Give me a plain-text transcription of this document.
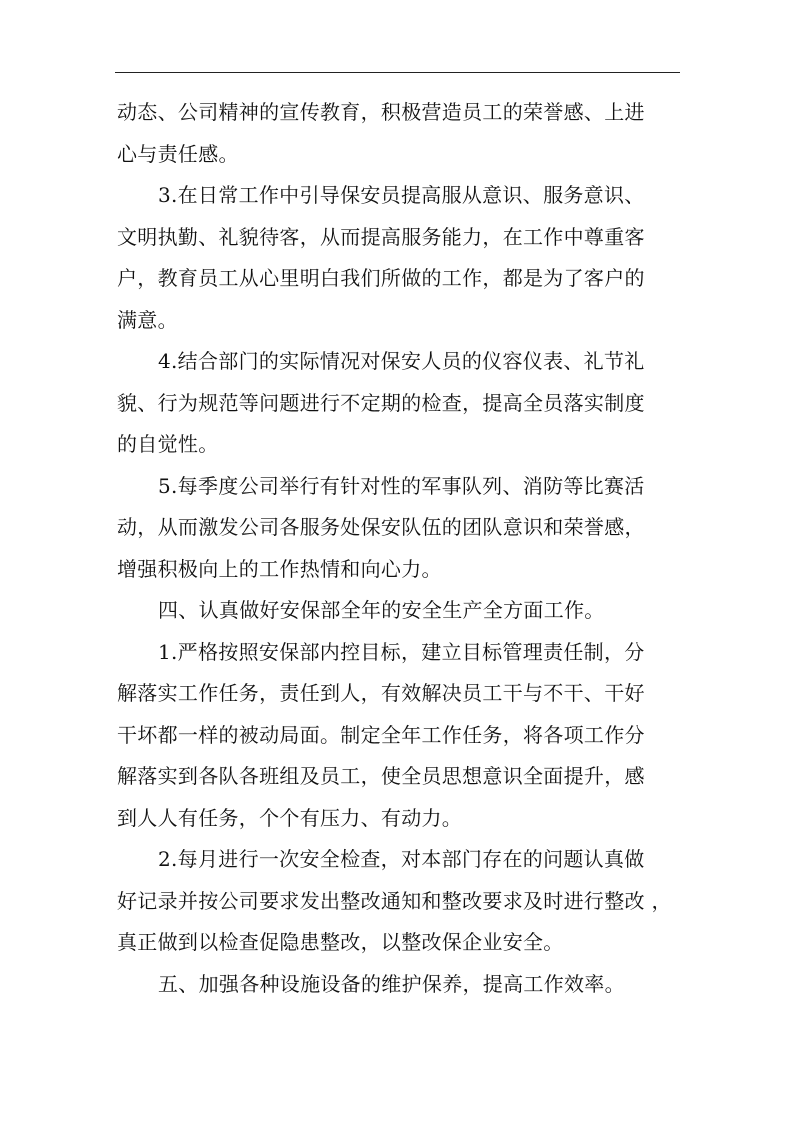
动态、公司精神的宣传教育，积极营造员工的荣誉感、上进
心与责任感。
3.在日常工作中引导保安员提高服从意识、服务意识、
文明执勤、礼貌待客，从而提高服务能力，在工作中尊重客
户，教育员工从心里明白我们所做的工作，都是为了客户的
满意。
4.结合部门的实际情况对保安人员的仪容仪表、礼节礼
貌、行为规范等问题进行不定期的检查，提高全员落实制度
的自觉性。
5.每季度公司举行有针对性的军事队列、消防等比赛活
动，从而激发公司各服务处保安队伍的团队意识和荣誉感，
增强积极向上的工作热情和向心力。
四、认真做好安保部全年的安全生产全方面工作。
1.严格按照安保部内控目标，建立目标管理责任制，分
解落实工作任务，责任到人，有效解决员工干与不干、干好
干坏都一样的被动局面。制定全年工作任务，将各项工作分
解落实到各队各班组及员工，使全员思想意识全面提升，感
到人人有任务，个个有压力、有动力。
2.每月进行一次安全检查，对本部门存在的问题认真做
好记录并按公司要求发出整改通知和整改要求及时进行整改 ，
真正做到以检查促隐患整改，以整改保企业安全。
五、加强各种设施设备的维护保养，提高工作效率。
